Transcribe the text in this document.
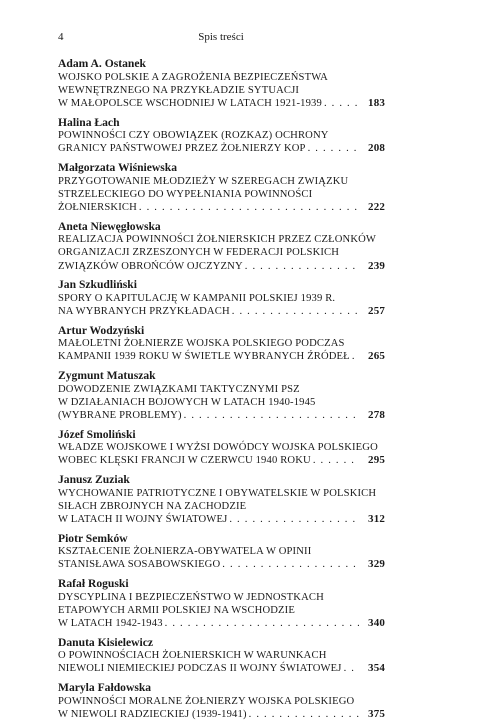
4	Spis treści
Adam A. Ostanek
WOJSKO POLSKIE A ZAGROŻENIA BEZPIECZEŃSTWA
WEWNĘTRZNEGO NA PRZYKŁADZIE SYTUACJI
W MAŁOPOLSCE WSCHODNIEJ W LATACH 1921-1939 . . .	183
Halina Łach
POWINNOŚCI CZY OBOWIĄZEK (ROZKAZ) OCHRONY
GRANICY PAŃSTWOWEJ PRZEZ ŻOŁNIERZY KOP . . .	208
Małgorzata Wiśniewska
PRZYGOTOWANIE MŁODZIEŻY W SZEREGACH ZWIĄZKU
STRZELECKIEGO DO WYPEŁNIANIA POWINNOŚCI
ŻOŁNIERSKICH . . .	222
Aneta Niewęgłowska
REALIZACJA POWINNOŚCI ŻOŁNIERSKICH PRZEZ CZŁONKÓW
ORGANIZACJI ZRZESZONYCH W FEDERACJI POLSKICH
ZWIĄZKÓW OBROŃCÓW OJCZYZNY . . .	239
Jan Szkudliński
SPORY O KAPITULACJĘ W KAMPANII POLSKIEJ 1939 R.
NA WYBRANYCH PRZYKŁADACH . . .	257
Artur Wodzyński
MAŁOLETNI ŻOŁNIERZE WOJSKA POLSKIEGO PODCZAS
KAMPANII 1939 ROKU W ŚWIETLE WYBRANYCH ŹRÓDEŁ . . .	265
Zygmunt Matuszak
DOWODZENIE ZWIĄZKAMI TAKTYCZNYMI PSZ
W DZIAŁANIACH BOJOWYCH W LATACH 1940-1945
(WYBRANE PROBLEMY) . . .	278
Józef Smoliński
WŁADZE WOJSKOWE I WYŻSI DOWÓDCY WOJSKA POLSKIEGO
WOBEC KLĘSKI FRANCJI W CZERWCU 1940 ROKU . . .	295
Janusz Zuziak
WYCHOWANIE PATRIOTYCZNE I OBYWATELSKIE W POLSKICH
SIŁACH ZBROJNYCH NA ZACHODZIE
W LATACH II WOJNY ŚWIATOWEJ . . .	312
Piotr Semków
KSZTAŁCENIE ŻOŁNIERZA-OBYWATELA W OPINII
STANISŁAWA SOSABOWSKIEGO . . .	329
Rafał Roguski
DYSCYPLINA I BEZPIECZEŃSTWO W JEDNOSTKACH
ETAPOWYCH ARMII POLSKIEJ NA WSCHODZIE
W LATACH 1942-1943 . . .	340
Danuta Kisielewicz
O POWINNOŚCIACH ŻOŁNIERSKICH W WARUNKACH
NIEWOLI NIEMIECKIEJ PODCZAS II WOJNY ŚWIATOWEJ . . .	354
Maryla Fałdowska
POWINNOŚCI MORALNE ŻOŁNIERZY WOJSKA POLSKIEGO
W NIEWOLI RADZIECKIEJ (1939-1941) . . .	375
